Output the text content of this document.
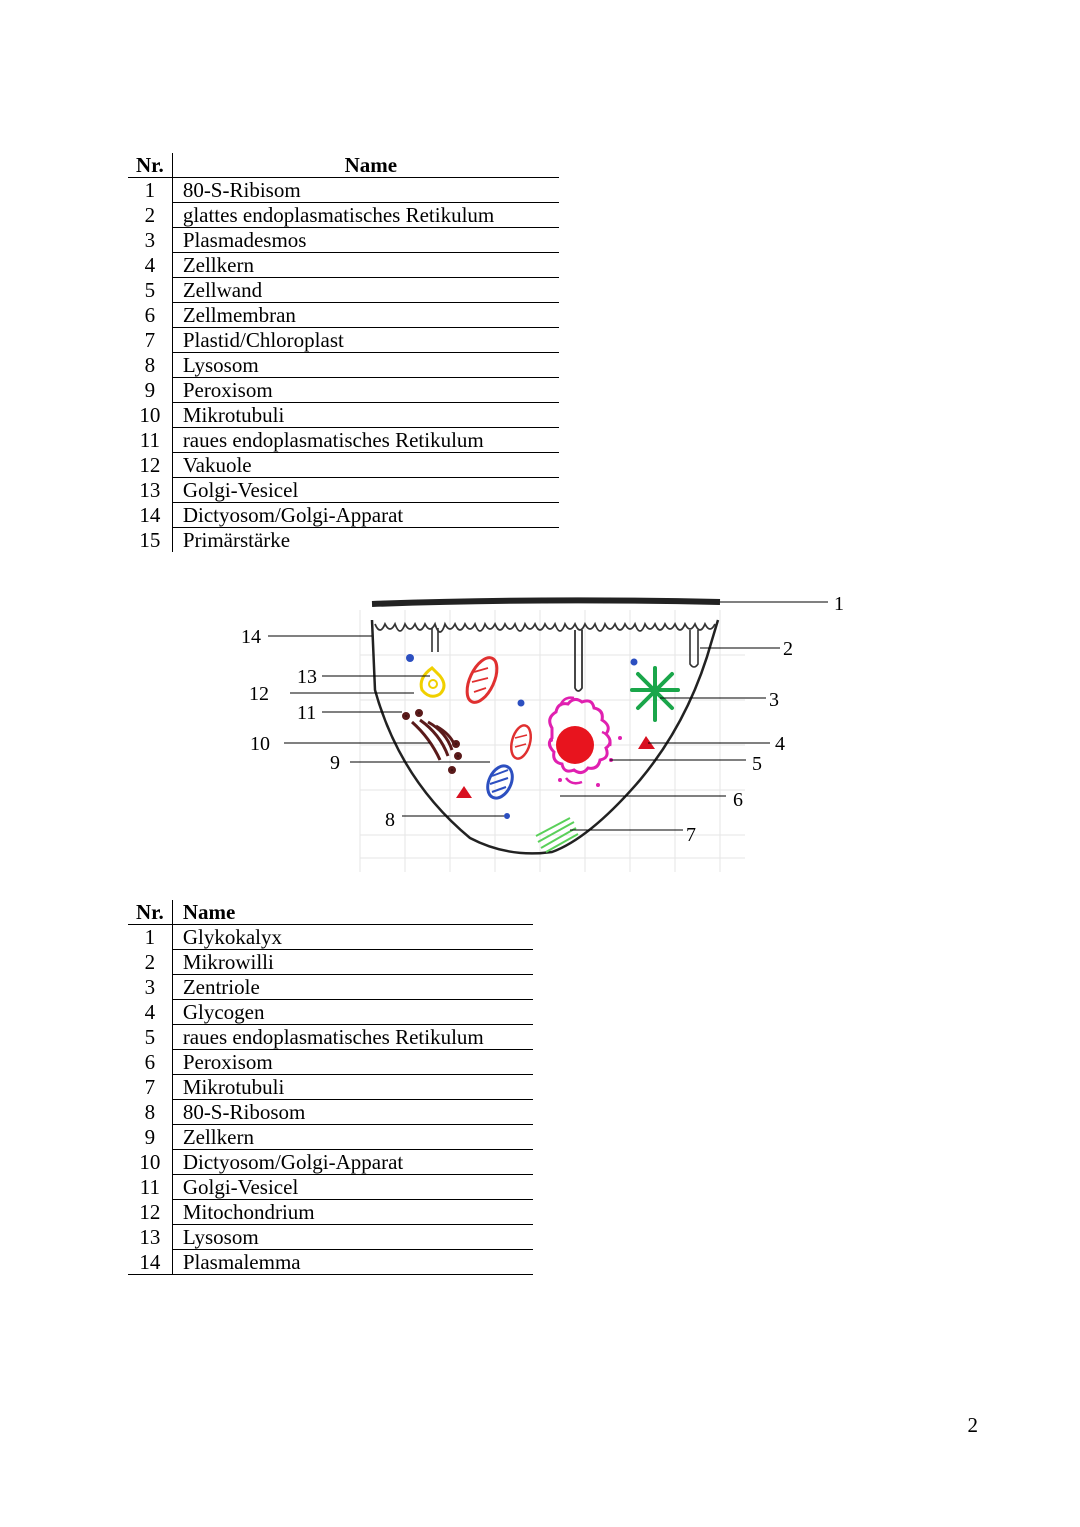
Nr.	Name
1	80-S-Ribisom
2	glattes endoplasmatisches Retikulum
3	Plasmadesmos
4	Zellkern
5	Zellwand
6	Zellmembran
7	Plastid/Chloroplast
8	Lysosom
9	Peroxisom
10	Mikrotubuli
11	raues endoplasmatisches Retikulum
12	Vakuole
13	Golgi-Vesicel
14	Dictyosom/Golgi-Apparat
15	Primärstärke
1
2
3
4
5
6
7
8
9
10
11
12
13
14
Nr.	Name
1	Glykokalyx
2	Mikrowilli
3	Zentriole
4	Glycogen
5	raues endoplasmatisches Retikulum
6	Peroxisom
7	Mikrotubuli
8	80-S-Ribosom
9	Zellkern
10	Dictyosom/Golgi-Apparat
11	Golgi-Vesicel
12	Mitochondrium
13	Lysosom
14	Plasmalemma
2
